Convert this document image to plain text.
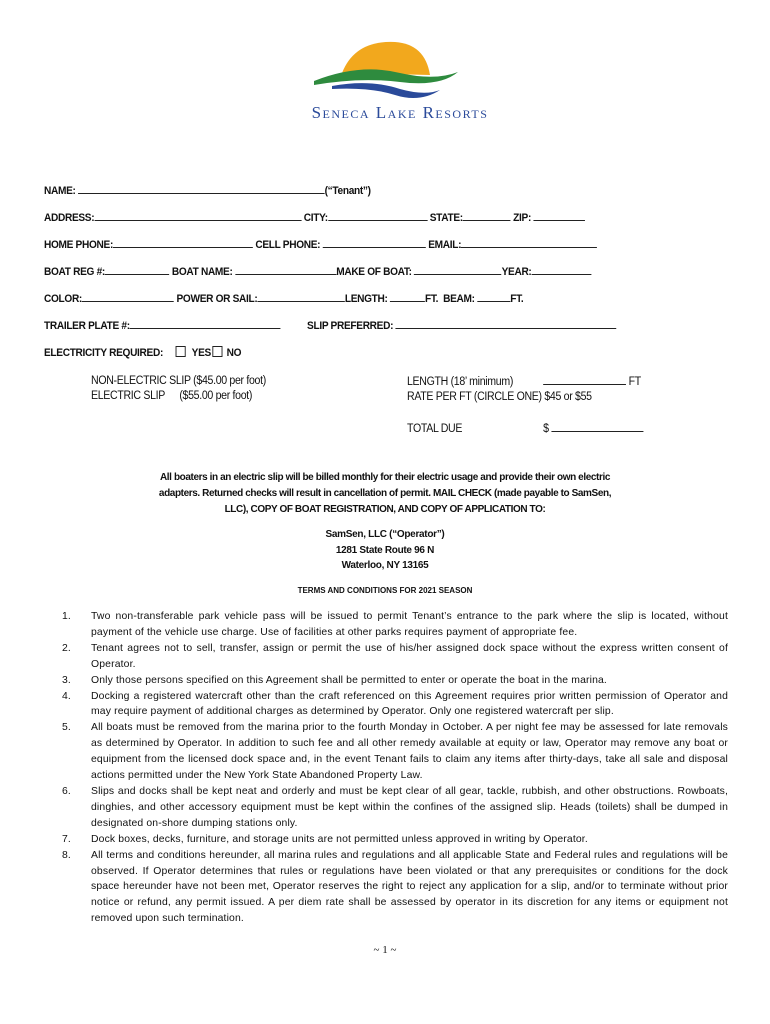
Seneca Lake Resorts
NAME:	(“Tenant”)
ADDRESS:	CITY:	STATE:	ZIP:
HOME PHONE:	CELL PHONE:	EMAIL:
BOAT REG #:	BOAT NAME:	MAKE OF BOAT:	YEAR:
COLOR:	POWER OR SAIL:	LENGTH:	FT. BEAM:	FT.
TRAILER PLATE #:	SLIP PREFERRED:
ELECTRICITY REQUIRED:	YES NO
NON-ELECTRIC SLIP ($45.00 per foot)
ELECTRIC SLIP ($55.00 per foot)
LENGTH (18’ minimum)	FT
RATE PER FT (CIRCLE ONE) $45 or $55
TOTAL DUE	$
All boaters in an electric slip will be billed monthly for their electric usage and provide their own electric
adapters. Returned checks will result in cancellation of permit. MAIL CHECK (made payable to SamSen,
LLC), COPY OF BOAT REGISTRATION, AND COPY OF APPLICATION TO:
SamSen, LLC (“Operator”)
1281 State Route 96 N
Waterloo, NY 13165
TERMS AND CONDITIONS FOR 2021 SEASON
1.	Two non-transferable park vehicle pass will be issued to permit Tenant’s entrance to the park where the slip is located, without payment of the vehicle use charge. Use of facilities at other parks requires payment of appropriate fee.
2.	Tenant agrees not to sell, transfer, assign or permit the use of his/her assigned dock space without the express written consent of Operator.
3.	Only those persons specified on this Agreement shall be permitted to enter or operate the boat in the marina.
4.	Docking a registered watercraft other than the craft referenced on this Agreement requires prior written permission of Operator and may require payment of additional charges as determined by Operator. Only one registered watercraft per slip.
5.	All boats must be removed from the marina prior to the fourth Monday in October. A per night fee may be assessed for late removals as determined by Operator. In addition to such fee and all other remedy available at equity or law, Operator may remove any boat or equipment from the licensed dock space and, in the event Tenant fails to claim any items after thirty-days, take all sale and disposal actions permitted under the New York State Abandoned Property Law.
6.	Slips and docks shall be kept neat and orderly and must be kept clear of all gear, tackle, rubbish, and other obstructions. Rowboats, dinghies, and other accessory equipment must be kept within the confines of the assigned slip. Heads (toilets) shall be dumped in designated on-shore dumping stations only.
7.	Dock boxes, decks, furniture, and storage units are not permitted unless approved in writing by Operator.
8.	All terms and conditions hereunder, all marina rules and regulations and all applicable State and Federal rules and regulations will be observed. If Operator determines that rules or regulations have been violated or that any prerequisites or conditions for the dock space hereunder have not been met, Operator reserves the right to reject any application for a slip, and/or to terminate without prior notice or refund, any permit issued. A per diem rate shall be assessed by operator in its discretion for any items or equipment not removed upon such termination.
~ 1 ~
